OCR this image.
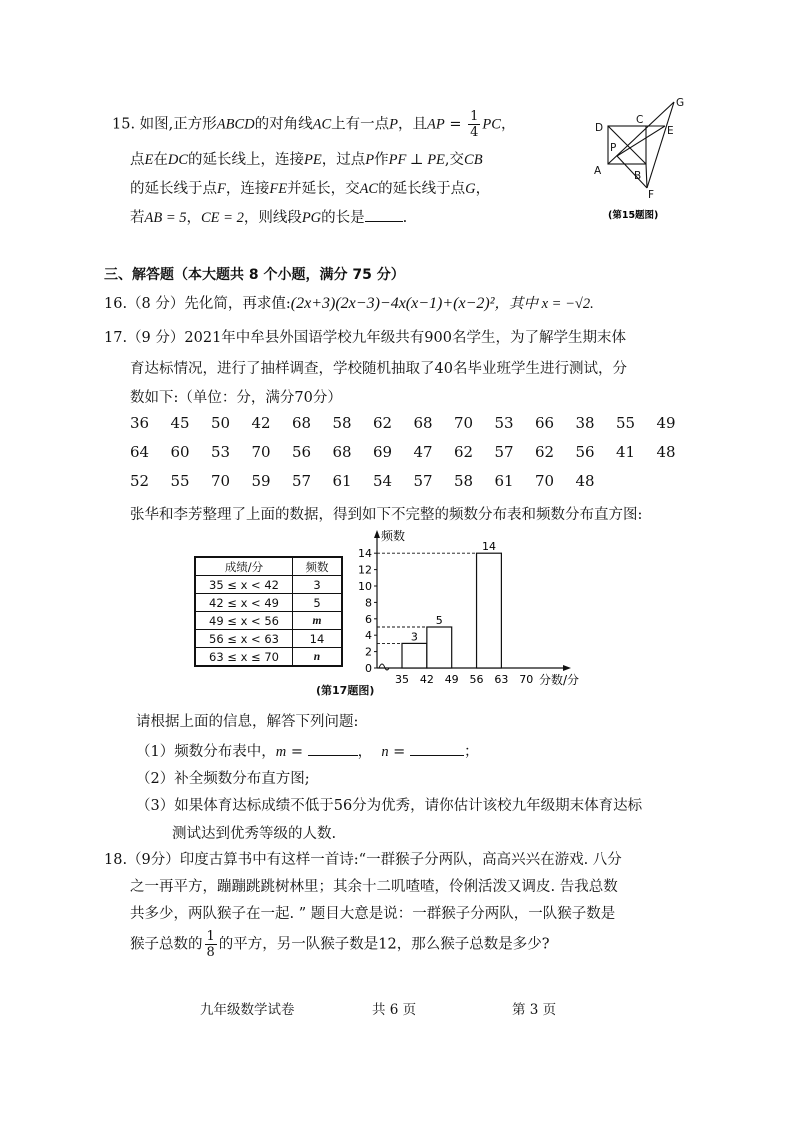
15. 如图,正方形ABCD的对角线AC上有一点P，且AP = $\frac{1}{4}$ PC，
点E在DC的延长线上，连接PE，过点P作PF ⊥ PE,交CB
的延长线于点F，连接FE并延长，交AC的延长线于点G，
若AB = 5，CE = 2，则线段PG的长是	.
D
C
E
G
A	B
P
F
(第15题图)
三、解答题（本大题共 8 个小题，满分 75 分）
16.（8 分）先化简，再求值:(2x+3)(2x−3)−4x(x−1)+(x−2)²，其中 x = −√2.
17.（9 分）2021年中牟县外国语学校九年级共有900名学生，为了解学生期末体
育达标情况，进行了抽样调查，学校随机抽取了40名毕业班学生进行测试，分
数如下:（单位：分，满分70分）
36 45 50 42 68 58 62 68 70 53 66 38 55 49
64 60 53 70 56 68 69 47 62 57 62 56 41 48
52 55 70 59 57 61 54 57 58 61 70 48
张华和李芳整理了上面的数据，得到如下不完整的频数分布表和频数分布直方图:
成绩/分	频数
35 ≤ x < 42	3
42 ≤ x < 49	5
49 ≤ x < 56	m
56 ≤ x < 63	14
63 ≤ x ≤ 70	n
(第17题图)
频数
分数/分
0
2
4
6
8
10
12
14
35 42 49 56 63 70
3
5
14
请根据上面的信息，解答下列问题:
（1）频数分布表中，m =	， n =	；
（2）补全频数分布直方图;
（3）如果体育达标成绩不低于56分为优秀，请你估计该校九年级期末体育达标
测试达到优秀等级的人数.
18.（9分）印度古算书中有这样一首诗:“一群猴子分两队，高高兴兴在游戏. 八分
之一再平方，蹦蹦跳跳树林里；其余十二叽喳喳，伶俐活泼又调皮. 告我总数
共多少，两队猴子在一起. ” 题目大意是说：一群猴子分两队，一队猴子数是
猴子总数的 $\frac{1}{8}$ 的平方，另一队猴子数是12，那么猴子总数是多少?
九年级数学试卷	共 6 页	第 3 页
